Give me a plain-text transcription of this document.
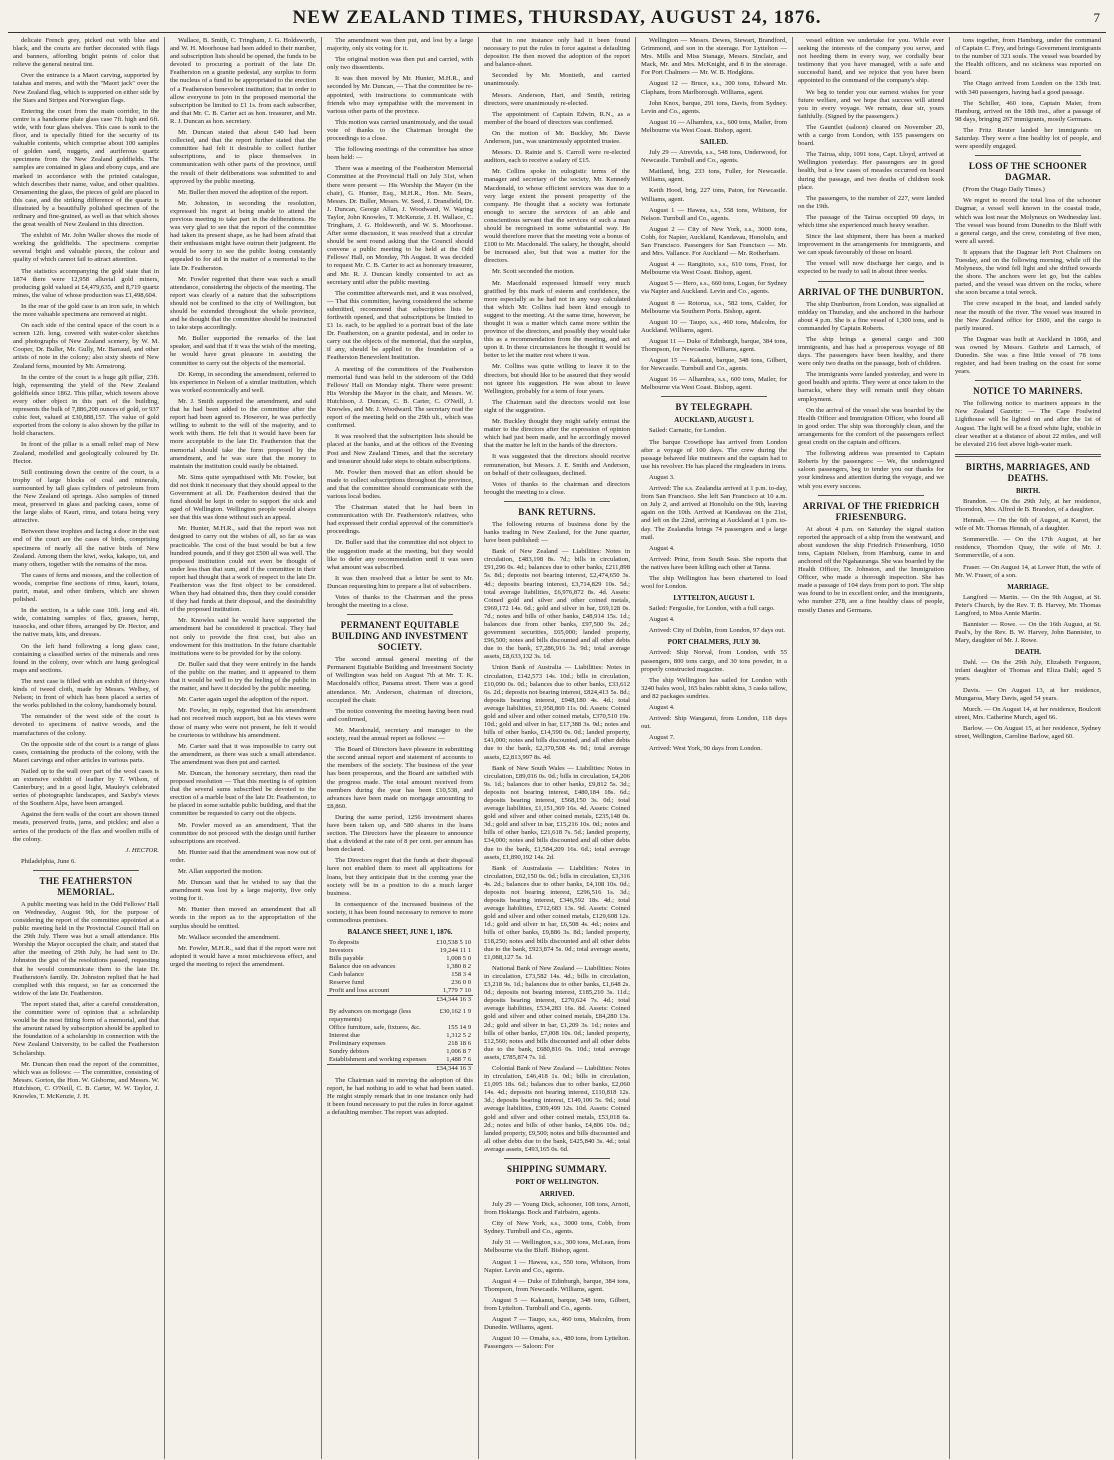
NEW ZEALAND TIMES, THURSDAY, AUGUST 24, 1876.	7

delicate French grey, picked out with blue and black, and the courts are further decorated with flags and banners, affording bright points of color that relieve the general neutral tint.

Over the entrance is a Maori carving, supported by taiahas and meres, and with the "Maori jack" over the New Zealand flag, which is supported on either side by the Stars and Stripes and Norwegian flags.

Entering the court from the main corridor, in the centre is a handsome plate glass case 7ft. high and 6ft. wide, with four glass shelves. This case is sunk to the floor, and is specially fitted for the security of its valuable contents, which comprise about 100 samples of golden sand, nuggets, and auriferous quartz specimens from the New Zealand goldfields. The samples are contained in glass and ebony cups, and are marked in accordance with the printed catalogue, which describes their name, value, and other qualities. Ornamenting the glass, the pieces of gold are placed in this case, and the striking difference of the quartz is illustrated by a beautifully polished specimen of the ordinary and fine-grained, as well as that which shows the great wealth of New Zealand in this direction.

The exhibit of Mr. John Waller shows the mode of working the goldfields. The specimens comprise several bright and valuable pieces, the colour and quality of which cannot fail to attract attention.

The statistics accompanying the gold state that in 1874 there were 12,958 alluvial gold miners, producing gold valued at £4,479,635, and 8,719 quartz mines, the value of whose production was £1,498,604.

In the rear of the gold case is an iron safe, in which the more valuable specimens are removed at night.

On each side of the central space of the court is a screen 12ft. long, covered with water-color sketches and photographs of New Zealand scenery, by W. M. Cooper, Dr. Buller, Mr. Gully, Mr. Barraud, and other artists of note in the colony; also sixty sheets of New Zealand ferns, mounted by Mr. Armstrong.

In the centre of the court is a huge gilt pillar, 23ft. high, representing the yield of the New Zealand goldfields since 1862. This pillar, which towers above every other object in this part of the building, represents the bulk of 7,886,208 ounces of gold, or 937 cubic feet, valued at £30,888,157. The value of gold exported from the colony is also shown by the pillar in bold characters.

In front of the pillar is a small relief map of New Zealand, modelled and geologically coloured by Dr. Hector.

Still continuing down the centre of the court, is a trophy of large blocks of coal and minerals, surmounted by tall glass cylinders of petroleum from the New Zealand oil springs. Also samples of tinned meat, preserved in glass and packing cases, some of the large slabs of Kauri, rimu, and totara being very attractive.

Between these trophies and facing a door in the east end of the court are the cases of birds, comprising specimens of nearly all the native birds of New Zealand. Among them the kiwi, weka, kakapo, tui, and many others, together with the remains of the moa.

The cases of ferns and mosses, and the collection of woods, comprise fine sections of rimu, kauri, totara, puriri, matai, and other timbers, which are shown polished.

In the section, is a table case 10ft. long and 4ft. wide, containing samples of flax, grasses, hemp, tussocks, and other fibres, arranged by Dr. Hector, and the native mats, kits, and dresses.

On the left hand following a long glass case, containing a classified series of the minerals and ores found in the colony, over which are hung geological maps and sections.

The next case is filled with an exhibit of thirty-two kinds of tweed cloth, made by Messrs. Welbey, of Nelson; in front of which has been placed a series of the works published in the colony, handsomely bound.

The remainder of the west side of the court is devoted to specimens of native woods, and the manufactures of the colony.

On the opposite side of the court is a range of glass cases, containing the products of the colony, with the Maori carvings and other articles in various parts.

Nailed up to the wall over part of the wool cases is an extensive exhibit of leather by T. Wilson, of Canterbury; and in a good light, Mauley's celebrated series of photographic landscapes, and Saxby's views of the Southern Alps, have been arranged.

Against the fern walls of the court are shown tinned meats, preserved fruits, jams, and pickles; and also a series of the products of the flax and woollen mills of the colony.

J. HECTOR.

Philadelphia, June 6.

THE FEATHERSTON MEMORIAL.

A public meeting was held in the Odd Fellows' Hall on Wednesday, August 9th, for the purpose of considering the report of the committee appointed at a public meeting held in the Provincial Council Hall on the 29th July. There was but a small attendance. His Worship the Mayor occupied the chair, and stated that after the meeting of 29th July, he had sent to Dr. Johnston the gist of the resolutions passed, requesting that he would communicate them to the late Dr. Featherston's family. Dr. Johnston replied that he had complied with this request, so far as concerned the widow of the late Dr. Featherston.

The report stated that, after a careful consideration, the committee were of opinion that a scholarship would be the most fitting form of a memorial, and that the amount raised by subscription should be applied to the foundation of a scholarship in connection with the New Zealand University, to be called the Featherston Scholarship.

Mr. Duncan then read the report of the committee, which was as follows: — The committee, consisting of Messrs. Gorton, the Hon. W. Gisborne, and Messrs. W. Hutchison, C. O'Neill, C. B. Carter, W. W. Taylor, J. Knowles, T. McKenzie, J. H.

Wallace, B. Smith, C. Tringham, J. G. Holdsworth, and W. H. Moorhouse had been added to their number, and subscription lists should be opened, the funds to be devoted to procuring a portrait of the late Dr. Featherston on a granite pedestal, any surplus to form the nucleus of a fund to be appropriated to the erection of a Featherston benevolent institution; that in order to allow everyone to join in the proposed memorial the subscription be limited to £1 1s. from each subscriber, and that Mr. C. B. Carter act as hon. treasurer, and Mr. R. J. Duncan as hon. secretary.

Mr. Duncan stated that about £40 had been collected, and that the report further stated that the committee had felt it desirable to collect further subscriptions, and to place themselves in communication with other parts of the province, until the result of their deliberations was submitted to and approved by the public meeting.

Mr. Buller then moved the adoption of the report.

Mr. Johnston, in seconding the resolution, expressed his regret at being unable to attend the previous meeting to take part in the deliberations. He was very glad to see that the report of the committee had taken its present shape, as he had been afraid that their enthusiasm might have outrun their judgment. He would be sorry to see the public losing constantly appealed to for aid in the matter of a memorial to the late Dr. Featherston.

Mr. Fowler regretted that there was such a small attendance, considering the objects of the meeting. The report was clearly of a nature that the subscriptions should not be confined to the city of Wellington, but should be extended throughout the whole province, and he thought that the committee should be instructed to take steps accordingly.

Mr. Buller supported the remarks of the last speaker, and said that if it was the wish of the meeting, he would have great pleasure in assisting the committee to carry out the objects of the memorial.

Dr. Kemp, in seconding the amendment, referred to his experience in Nelson of a similar institution, which was worked economically and well.

Mr. J. Smith supported the amendment, and said that he had been added to the committee after the report had been agreed to. However, he was perfectly willing to submit to the will of the majority, and to work with them. He felt that it would have been far more acceptable to the late Dr. Featherston that the memorial should take the form proposed by the amendment, and he was sure that the money to maintain the institution could easily be obtained.

Mr. Sims quite sympathised with Mr. Fowler, but did not think it necessary that they should appeal to the Government at all. Dr. Featherston desired that the fund should be kept in order to support the sick and aged of Wellington. Wellington people would always see that this was done without such an appeal.

Mr. Hunter, M.H.R., said that the report was not designed to carry out the wishes of all, so far as was practicable. The cost of the bust would be but a few hundred pounds, and if they got £500 all was well. The proposed institution could not even be thought of under less than that sum, and if the committee in their report had thought that a work of respect to the late Dr. Featherston was the first object to be considered. When they had obtained this, then they could consider if they had funds at their disposal, and the desirability of the proposed institution.

Mr. Knowles said he would have supported the amendment had he considered it practical. They had not only to provide the first cost, but also an endowment for this institution. In the future charitable institutions were to be provided for by the colony.

Dr. Buller said that they were entirely in the hands of the public on the matter, and it appeared to them that it would be well to try the feeling of the public in the matter, and have it decided by the public meeting.

Mr. Carter again urged the adoption of the report.

Mr. Fowler, in reply, regretted that his amendment had not received much support, but as his views were those of many who were not present, he felt it would be courteous to withdraw his amendment.

Mr. Carter said that it was impossible to carry out the amendment, as there was such a small attendance. The amendment was then put and carried.

Mr. Duncan, the honorary secretary, then read the proposed resolution — That this meeting is of opinion that the several sums subscribed be devoted to the erection of a marble bust of the late Dr. Featherston, to be placed in some suitable public building, and that the committee be requested to carry out the objects.

Mr. Fowler moved as an amendment, That the committee do not proceed with the design until further subscriptions are received.

Mr. Hunter said that the amendment was now out of order.

Mr. Allan supported the motion.

Mr. Duncan said that he wished to say that the amendment was lost by a large majority, five only voting for it.

Mr. Hunter then moved an amendment that all words in the report as to the appropriation of the surplus should be omitted.

Mr. Wallace seconded the amendment.

Mr. Fowler, M.H.R., said that if the report were not adopted it would have a most mischievous effect, and urged the meeting to reject the amendment.

The amendment was then put, and lost by a large majority, only six voting for it.

The original motion was then put and carried, with only two dissentients.

It was then moved by Mr. Hunter, M.H.R., and seconded by Mr. Duncan, — That the committee be re-appointed, with instructions to communicate with friends who may sympathise with the movement in various other parts of the province.

This motion was carried unanimously, and the usual vote of thanks to the Chairman brought the proceedings to a close.

The following meetings of the committee has since been held: —

There was a meeting of the Featherston Memorial Committee at the Provincial Hall on July 31st, when there were present — His Worship the Mayor (in the chair), G. Hunter, Esq., M.H.R., Hon. Mr. Sears, Messrs. Dr. Buller, Messrs. W. Seed, J. Dransfield, Dr. J. Duncan, George Allan, J. Woodward, W. Waring Taylor, John Knowles, T. McKenzie, J. H. Wallace, C. Tringham, J. G. Holdsworth, and W. S. Moorhouse. After some discussion, it was resolved that a circular should be sent round asking that the Council should convene a public meeting to be held at the Odd Fellows' Hall, on Monday, 7th August. It was decided to request Mr. C. B. Carter to act as honorary treasurer, and Mr. R. J. Duncan kindly consented to act as secretary until after the public meeting.

The committee afterwards met, and it was resolved, — That this committee, having considered the scheme submitted, recommend that subscription lists be forthwith opened, and that subscriptions be limited to £1 1s. each, to be applied to a portrait bust of the late Dr. Featherston, on a granite pedestal, and in order to carry out the objects of the memorial, that the surplus, if any, should be applied to the foundation of a Featherston Benevolent Institution.

A meeting of the committees of the Featherston memorial fund was held in the sideroom of the Odd Fellows' Hall on Monday night. There were present: His Worship the Mayor in the chair, and Messrs. W. Hutchison, J. Duncan, C. B. Carter, C. O'Neill, J. Knowles, and Mr. J. Woodward. The secretary read the report of the meeting held on the 29th ult., which was confirmed.

It was resolved that the subscription lists should be placed at the banks, and at the offices of the Evening Post and New Zealand Times, and that the secretary and treasurer should take steps to obtain subscriptions.

Mr. Fowler then moved that an effort should be made to collect subscriptions throughout the province, and that the committee should communicate with the various local bodies.

The Chairman stated that he had been in communication with Dr. Featherston's relatives, who had expressed their cordial approval of the committee's proceedings.

Dr. Buller said that the committee did not object to the suggestion made at the meeting, but they would like to defer any recommendation until it was seen what amount was subscribed.

It was then resolved that a letter be sent to Mr. Duncan requesting him to prepare a list of subscribers.

Votes of thanks to the Chairman and the press brought the meeting to a close.

PERMANENT EQUITABLE BUILDING AND INVESTMENT SOCIETY.

The second annual general meeting of the Permanent Equitable Building and Investment Society of Wellington was held on August 7th at Mr. T. K. Macdonald's office, Panama street. There was a good attendance. Mr. Anderson, chairman of directors, occupied the chair.

The notice convening the meeting having been read and confirmed,

Mr. Macdonald, secretary and manager to the society, read the annual report as follows: —

The Board of Directors have pleasure in submitting the second annual report and statement of accounts to the members of the society. The business of the year has been prosperous, and the Board are satisfied with the progress made. The total amount received from members during the year has been £10,538, and advances have been made on mortgage amounting to £8,860.

During the same period, 1256 investment shares have been taken up, and 580 shares in the loans section. The Directors have the pleasure to announce that a dividend at the rate of 8 per cent. per annum has been declared.

The Directors regret that the funds at their disposal have not enabled them to meet all applications for loans, but they anticipate that in the coming year the society will be in a position to do a much larger business.

In consequence of the increased business of the society, it has been found necessary to remove to more commodious premises.

BALANCE SHEET, JUNE 1, 1876.
To deposits	£10,538 5 10
Investors	19,244 11 1
Bills payable	1,008 5 0
Balance due on advances	1,380 8 2
Cash balance	158 3 4
Reserve fund	236 0 0
Profit and loss account	1,779 7 10
	£34,344 16 3
By advances on mortgage (less repayments)	£30,162 1 9
Office furniture, safe, fixtures, &c.	155 14 9
Interest due	1,312 5 2
Preliminary expenses	218 18 6
Sundry debtors	1,006 8 7
Establishment and working expenses	1,488 7 6
	£34,344 16 3

The Chairman said in moving the adoption of this report, he had nothing to add to what had been stated. He might simply remark that in one instance only had it been found necessary to put the rules in force against a defaulting member. The report was adopted.

that in one instance only had it been found necessary to put the rules in force against a defaulting depositor. He then moved the adoption of the report and balance-sheet.

Seconded by Mr. Montieth, and carried unanimously.

Messrs. Anderson, Hart, and Smith, retiring directors, were unanimously re-elected.

The appointment of Captain Edwin, R.N., as a member of the board of directors was confirmed.

On the motion of Mr. Buckley, Mr. Davie Anderson, jun., was unanimously appointed trustee.

Messrs. D. Rainie and S. Carroll were re-elected auditors, each to receive a salary of £15.

Mr. Collins spoke in eulogistic terms of the manager and secretary of the society, Mr. Kennedy Macdonald, to whose efficient services was due to a very large extent the present prosperity of the company. He thought that a society was fortunate enough to secure the services of an able and conscientious servant that the services of such a man should be recognised in some substantial way. He would therefore move that the meeting vote a bonus of £100 to Mr. Macdonald. The salary, he thought, should be increased also, but that was a matter for the directors.

Mr. Scott seconded the motion.

Mr. Macdonald expressed himself very much gratified by this mark of esteem and confidence, the more especially as he had not in any way calculated that which Mr. Collins had been kind enough to suggest to the meeting. At the same time, however, he thought it was a matter which came more within the province of the directors, and possibly they would take this as a recommendation from the meeting, and act upon it. In these circumstances he thought it would be better to let the matter rest where it was.

Mr. Collins was quite willing to leave it to the directors, but should like to be assured that they would not ignore his suggestion. He was about to leave Wellington, probably for a term of four years.

The Chairman said the directors would not lose sight of the suggestion.

Mr. Buckley thought they might safely entrust the matter to the directors after the expression of opinion which had just been made, and he accordingly moved that the matter be left in the hands of the directors.

It was suggested that the directors should receive remuneration, but Messrs. J. E. Smith and Anderson, on behalf of their colleagues, declined.

Votes of thanks to the chairman and directors brought the meeting to a close.

BANK RETURNS.

The following returns of business done by the banks trading in New Zealand, for the June quarter, have been published: —

Bank of New Zealand — Liabilities: Notes in circulation, £483,198 8s. 7d.; bills in circulation, £91,296 0s. 4d.; balances due to other banks, £211,898 5s. 8d.; deposits not bearing interest, £2,474,650 3s. 4d.; deposits bearing interest, £3,714,829 10s. 5d.; total average liabilities, £6,976,872 8s. 4d. Assets: Coined gold and silver and other coined metals, £969,172 14s. 6d.; gold and silver in bar, £69,128 0s. 7d.; notes and bills of other banks, £48,914 15s. 1d.; balances due from other banks, £97,500 9s. 2d.; government securities, £65,000; landed property, £96,500; notes and bills discounted and all other debts due to the bank, £7,286,916 3s. 9d.; total average assets, £8,633,132 3s. 1d.

Union Bank of Australia — Liabilities: Notes in circulation, £142,573 14s. 10d.; bills in circulation, £10,090 0s. 0d.; balances due to other banks, £33,612 6s. 2d.; deposits not bearing interest, £824,413 5s. 8d.; deposits bearing interest, £948,180 4s. 4d.; total average liabilities, £1,958,869 11s. 0d. Assets: Coined gold and silver and other coined metals, £370,510 19s. 10d.; gold and silver in bar, £17,388 3s. 9d.; notes and bills of other banks, £14,590 0s. 0d.; landed property, £41,000; notes and bills discounted, and all other debts due to the bank, £2,370,508 4s. 9d.; total average assets, £2,813,997 8s. 4d.

Bank of New South Wales — Liabilities: Notes in circulation, £89,016 0s. 0d.; bills in circulation, £4,206 9s. 1d.; balances due to other banks, £9,812 5s. 3d.; deposits not bearing interest, £480,184 18s. 6d.; deposits bearing interest, £568,150 3s. 0d.; total average liabilities, £1,151,369 16s. 4d. Assets: Coined gold and silver and other coined metals, £235,148 0s. 3d.; gold and silver in bar, £15,216 10s. 0d.; notes and bills of other banks, £21,618 7s. 5d.; landed property, £34,000; notes and bills discounted and all other debts due to the bank, £1,584,209 16s. 6d.; total average assets, £1,890,192 14s. 2d.

Bank of Australasia — Liabilities: Notes in circulation, £62,150 0s. 0d.; bills in circulation, £3,316 4s. 2d.; balances due to other banks, £4,108 10s. 0d.; deposits not bearing interest, £296,516 1s. 3d.; deposits bearing interest, £346,592 18s. 4d.; total average liabilities, £712,683 13s. 9d. Assets: Coined gold and silver and other coined metals, £129,608 12s. 1d.; gold and silver in bar, £6,508 4s. 4d.; notes and bills of other banks, £9,886 3s. 8d.; landed property, £18,250; notes and bills discounted and all other debts due to the bank, £923,874 5s. 0d.; total average assets, £1,088,127 5s. 1d.

National Bank of New Zealand — Liabilities: Notes in circulation, £73,582 14s. 4d.; bills in circulation, £3,218 9s. 1d.; balances due to other banks, £1,648 2s. 0d.; deposits not bearing interest, £185,210 3s. 11d.; deposits bearing interest, £270,624 7s. 4d.; total average liabilities, £534,283 16s. 8d. Assets: Coined gold and silver and other coined metals, £84,280 13s. 2d.; gold and silver in bar, £1,209 3s. 1d.; notes and bills of other banks, £7,008 10s. 0d.; landed property, £12,560; notes and bills discounted and all other debts due to the bank, £680,816 0s. 10d.; total average assets, £785,874 7s. 1d.

Colonial Bank of New Zealand — Liabilities: Notes in circulation, £46,418 1s. 0d.; bills in circulation, £1,095 18s. 6d.; balances due to other banks, £2,060 14s. 4d.; deposits not bearing interest, £110,818 12s. 3d.; deposits bearing interest, £149,106 5s. 9d.; total average liabilities, £309,499 12s. 10d. Assets: Coined gold and silver and other coined metals, £53,018 6s. 2d.; notes and bills of other banks, £4,806 10s. 0d.; landed property, £9,500; notes and bills discounted and all other debts due to the bank, £425,840 3s. 4d.; total average assets, £493,165 0s. 6d.

SHIPPING SUMMARY.
PORT OF WELLINGTON.
ARRIVED.

July 29 — Young Dick, schooner, 108 tons, Arnott, from Hokianga. Bock and Fairbairn, agents.

City of New York, s.s., 3000 tons, Cobb, from Sydney. Turnbull and Co., agents.

July 31 — Wellington, s.s., 300 tons, McLean, from Melbourne via the Bluff. Bishop, agent.

August 1 — Hawea, s.s., 550 tons, Whitson, from Napier. Levin and Co., agents.

August 4 — Duke of Edinburgh, barque, 384 tons, Thompson, from Newcastle. Williams, agent.

August 5 — Kakanui, barque, 348 tons, Gilbert, from Lyttelton. Turnbull and Co., agents.

August 7 — Taupo, s.s., 460 tons, Malcolm, from Dunedin. Williams, agent.

August 10 — Omaha, s.s., 480 tons, from Lyttelton. Passengers — Saloon: For

Wellington — Messrs. Dewes, Stewart, Brandford, Grimmond, and son in the steerage. For Lyttelton — Mrs. Mills and Miss Stanage, Messrs. Sinclair, and Mack, Mr. and Mrs. McKnight, and 8 in the steerage. For Port Chalmers — Mr. W. B. Hodgkins.

August 12 — Bruce, s.s., 300 tons, Edward Mr. Clapham, from Marlborough. Williams, agent.

John Knox, barque, 291 tons, Davis, from Sydney. Levin and Co., agents.

August 16 — Alhambra, s.s., 600 tons, Mailer, from Melbourne via West Coast. Bishop, agent.

SAILED.

July 29 — Atrevida, s.s., 548 tons, Underwood, for Newcastle. Turnbull and Co., agents.

Maitland, brig, 233 tons, Fuller, for Newcastle. Williams, agent.

Keith Hood, brig, 227 tons, Paton, for Newcastle. Williams, agent.

August 1 — Hawea, s.s., 558 tons, Whitson, for Nelson. Turnbull and Co., agents.

August 2 — City of New York, s.s., 3000 tons, Cobb, for Napier, Auckland, Kandavau, Honolulu, and San Francisco. Passengers for San Francisco — Mr. and Mrs. Vallance. For Auckland — Mr. Rotherham.

August 4 — Rangitoto, s.s., 610 tons, Frost, for Melbourne via West Coast. Bishop, agent.

August 5 — Hero, s.s., 660 tons, Logan, for Sydney via Napier and Auckland. Levin and Co., agents.

August 8 — Rotorua, s.s., 582 tons, Calder, for Melbourne via Southern Ports. Bishop, agent.

August 10 — Taupo, s.s., 460 tons, Malcolm, for Auckland. Williams, agent.

August 11 — Duke of Edinburgh, barque, 384 tons, Thompson, for Newcastle. Williams, agent.

August 15 — Kakanui, barque, 348 tons, Gilbert, for Newcastle. Turnbull and Co., agents.

August 16 — Alhambra, s.s., 600 tons, Mailer, for Melbourne via West Coast. Bishop, agent.

BY TELEGRAPH.
AUCKLAND, AUGUST 1.

Sailed: Carnatic, for London.

The barque Crowthope has arrived from London after a voyage of 100 days. The crew during the passage behaved like mutineers and the captain had to use his revolver. He has placed the ringleaders in irons.

August 3.

Arrived: The s.s. Zealandia arrived at 1 p.m. to-day, from San Francisco. She left San Francisco at 10 a.m. on July 2, and arrived at Honolulu on the 9th, leaving again on the 10th. Arrived at Kandavau on the 21st, and left on the 22nd, arriving at Auckland at 1 p.m. to-day. The Zealandia brings 74 passengers and a large mail.

August 4.

Arrived: Prinz, from South Seas. She reports that the natives have been killing each other at Tanna.

The ship Wellington has been chartered to load wool for London.

LYTTELTON, AUGUST 1.

Sailed: Ferguslie, for London, with a full cargo.

August 4.

Arrived: City of Dublin, from London, 97 days out.

PORT CHALMERS, JULY 30.

Arrived: Ship Norval, from London, with 55 passengers, 800 tons cargo, and 30 tons powder, in a properly constructed magazine.

The ship Wellington has sailed for London with 3240 bales wool, 165 bales rabbit skins, 3 casks tallow, and 82 packages sundries.

August 4.

Arrived: Ship Wanganui, from London, 118 days out.

August 7.

Arrived: West York, 90 days from London.

vessel edition we undertake for you. While ever seeking the interests of the company you serve, and not heeding them in every way, we cordially bear testimony that you have managed, with a safe and successful hand, and we rejoice that you have been appointed to the command of the company's ship.

We beg to tender you our earnest wishes for your future welfare, and we hope that success will attend you in every voyage. We remain, dear sir, yours faithfully. (Signed by the passengers.)

The Gauntlet (saloon) cleared on November 20, with a cargo from London, with 155 passengers on board.

The Tairua, ship, 1091 tons, Capt. Lloyd, arrived at Wellington yesterday. Her passengers are in good health, but a few cases of measles occurred on board during the passage, and two deaths of children took place.

The passengers, to the number of 227, were landed on the 19th.

The passage of the Tairua occupied 99 days, in which time she experienced much heavy weather.

Since the last shipment, there has been a marked improvement in the arrangements for immigrants, and we can speak favourably of those on board.

The vessel will now discharge her cargo, and is expected to be ready to sail in about three weeks.

ARRIVAL OF THE DUNBURTON.

The ship Dunburton, from London, was signalled at midday on Thursday, and she anchored in the harbour about 4 p.m. She is a fine vessel of 1,300 tons, and is commanded by Captain Roberts.

The ship brings a general cargo and 300 immigrants, and has had a prosperous voyage of 88 days. The passengers have been healthy, and there were only two deaths on the passage, both of children.

The immigrants were landed yesterday, and were in good health and spirits. They were at once taken to the barracks, where they will remain until they obtain employment.

On the arrival of the vessel she was boarded by the Health Officer and Immigration Officer, who found all in good order. The ship was thoroughly clean, and the arrangements for the comfort of the passengers reflect great credit on the captain and officers.

The following address was presented to Captain Roberts by the passengers: — We, the undersigned saloon passengers, beg to tender you our thanks for your kindness and attention during the voyage, and we wish you every success.

ARRIVAL OF THE FRIEDRICH FRIESENBURG.

At about 4 p.m. on Saturday the signal station reported the approach of a ship from the westward, and about sundown the ship Friedrich Friesenburg, 1050 tons, Captain Nielsen, from Hamburg, came in and anchored off the Ngahauranga. She was boarded by the Health Officer, Dr. Johnston, and the Immigration Officer, who made a thorough inspection. She has made a passage of 104 days from port to port. The ship was found to be in excellent order, and the immigrants, who number 278, are a fine healthy class of people, mostly Danes and Germans.

tons together, from Hamburg, under the command of Captain C. Frey, and brings Government immigrants to the number of 321 souls. The vessel was boarded by the Health officers, and no sickness was reported on board.

The Otago arrived from London on the 13th inst. with 340 passengers, having had a good passage.

The Schiller, 460 tons, Captain Maier, from Hamburg, arrived on the 18th inst., after a passage of 98 days, bringing 267 immigrants, mostly Germans.

The Fritz Reuter landed her immigrants on Saturday. They were a fine healthy lot of people, and were speedily engaged.

LOSS OF THE SCHOONER DAGMAR.

(From the Otago Daily Times.)

We regret to record the total loss of the schooner Dagmar, a vessel well known in the coastal trade, which was lost near the Molyneux on Wednesday last. The vessel was bound from Dunedin to the Bluff with a general cargo, and the crew, consisting of five men, were all saved.

It appears that the Dagmar left Port Chalmers on Tuesday, and on the following morning, while off the Molyneux, the wind fell light and she drifted towards the shore. The anchors were let go, but the cables parted, and the vessel was driven on the rocks, where she soon became a total wreck.

The crew escaped in the boat, and landed safely near the mouth of the river. The vessel was insured in the New Zealand office for £600, and the cargo is partly insured.

The Dagmar was built at Auckland in 1868, and was owned by Messrs. Guthrie and Larnach, of Dunedin. She was a fine little vessel of 78 tons register, and had been trading on the coast for some years.

NOTICE TO MARINERS.

The following notice to mariners appears in the New Zealand Gazette: — The Cape Foulwind Lighthouse will be lighted on and after the 1st of August. The light will be a fixed white light, visible in clear weather at a distance of about 22 miles, and will be elevated 216 feet above high-water mark.

BIRTHS, MARRIAGES, AND DEATHS.
BIRTH.

Brandon. — On the 29th July, at her residence, Thorndon, Mrs. Alfred de B. Brandon, of a daughter.

Hennah. — On the 6th of August, at Karori, the wife of Mr. Thomas Hennah, of a daughter.

Sommerville. — On the 17th August, at her residence, Thorndon Quay, the wife of Mr. J. Sommerville, of a son.

Fraser. — On August 14, at Lower Hutt, the wife of Mr. W. Fraser, of a son.

MARRIAGE.

Langford — Martin. — On the 9th August, at St. Peter's Church, by the Rev. T. B. Harvey, Mr. Thomas Langford, to Miss Annie Martin.

Bannister — Rowe. — On the 16th August, at St. Paul's, by the Rev. B. W. Harvey, John Bannister, to Mary, daughter of Mr. J. Rowe.

DEATH.

Dahl. — On the 29th July, Elizabeth Ferguson, infant daughter of Thomas and Eliza Dahl; aged 5 years.

Davis. — On August 13, at her residence, Mungaroa, Mary Davis, aged 54 years.

Murch. — On August 14, at her residence, Boulcott street, Mrs. Catherine Murch, aged 66.

Barlow. — On August 15, at her residence, Sydney street, Wellington, Caroline Barlow, aged 60.
